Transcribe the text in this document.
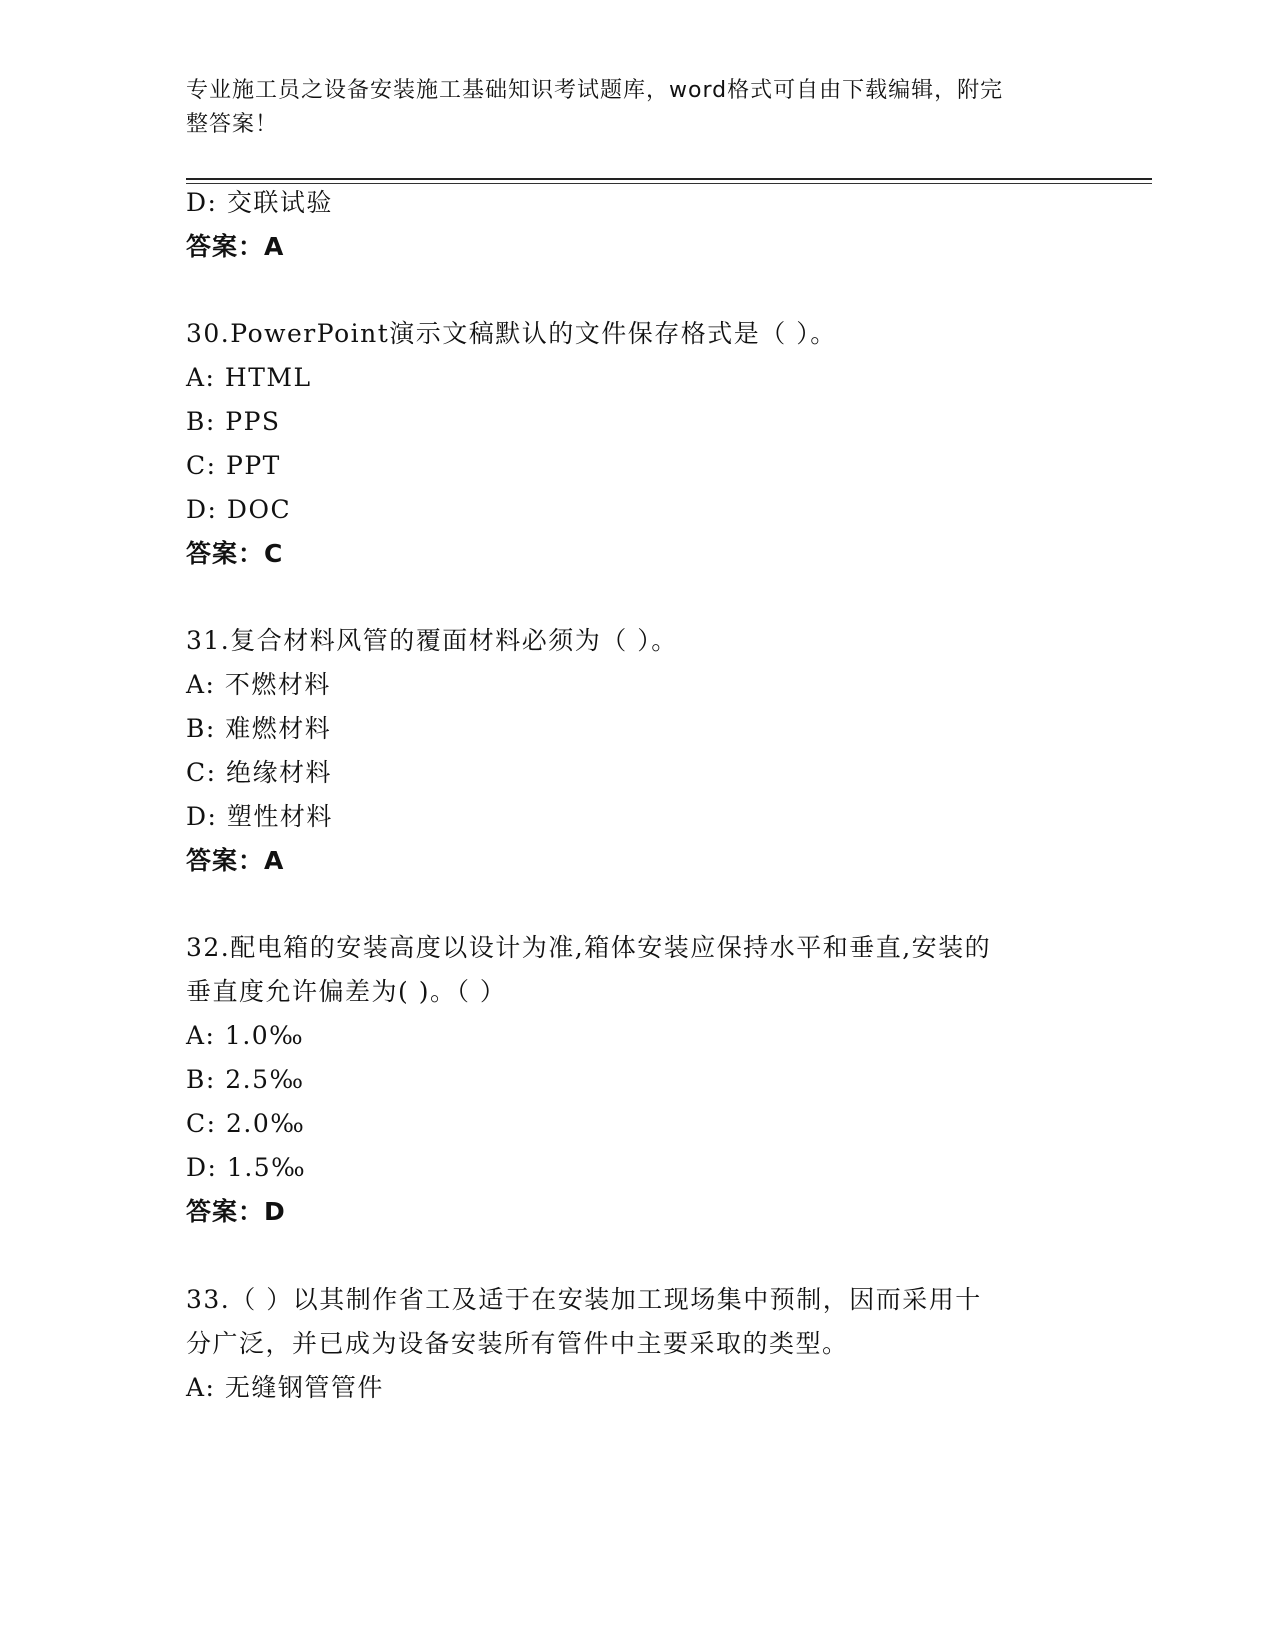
专业施工员之设备安装施工基础知识考试题库，word格式可自由下载编辑，附完
整答案！
D: 交联试验
答案：A
30.PowerPoint演示文稿默认的文件保存格式是（ ）。
A: HTML
B: PPS
C: PPT
D: DOC
答案：C
31.复合材料风管的覆面材料必须为（ ）。
A: 不燃材料
B: 难燃材料
C: 绝缘材料
D: 塑性材料
答案：A
32.配电箱的安装高度以设计为准,箱体安装应保持水平和垂直,安装的
垂直度允许偏差为( )。（ ）
A: 1.0‰
B: 2.5‰
C: 2.0‰
D: 1.5‰
答案：D
33.（ ）以其制作省工及适于在安装加工现场集中预制，因而采用十
分广泛，并已成为设备安装所有管件中主要采取的类型。
A: 无缝钢管管件
